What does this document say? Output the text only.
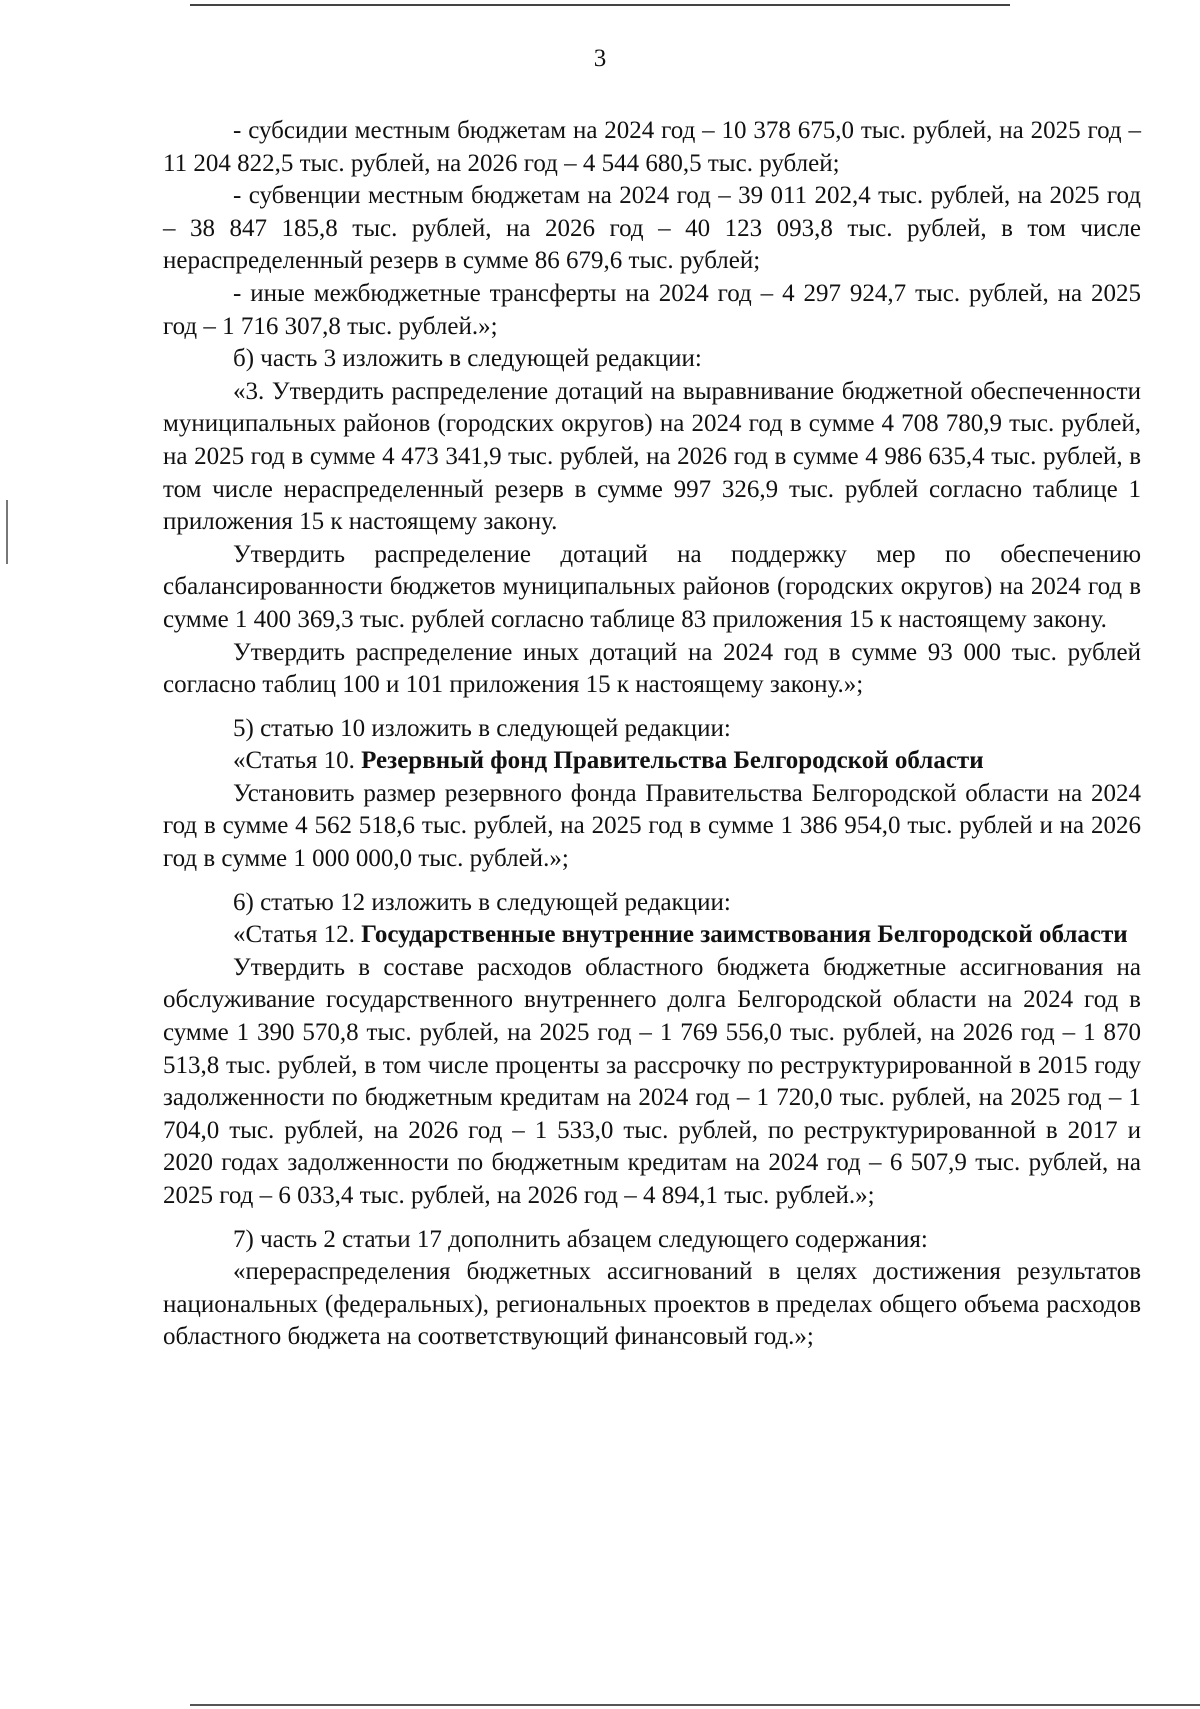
3

- субсидии местным бюджетам на 2024 год – 10 378 675,0 тыс. рублей, на 2025 год – 11 204 822,5 тыс. рублей, на 2026 год – 4 544 680,5 тыс. рублей;

- субвенции местным бюджетам на 2024 год – 39 011 202,4 тыс. рублей, на 2025 год – 38 847 185,8 тыс. рублей, на 2026 год – 40 123 093,8 тыс. рублей, в том числе нераспределенный резерв в сумме 86 679,6 тыс. рублей;

- иные межбюджетные трансферты на 2024 год – 4 297 924,7 тыс. рублей, на 2025 год – 1 716 307,8 тыс. рублей.»;

б) часть 3 изложить в следующей редакции:

«3. Утвердить распределение дотаций на выравнивание бюджетной обеспеченности муниципальных районов (городских округов) на 2024 год в сумме 4 708 780,9 тыс. рублей, на 2025 год в сумме 4 473 341,9 тыс. рублей, на 2026 год в сумме 4 986 635,4 тыс. рублей, в том числе нераспределенный резерв в сумме 997 326,9 тыс. рублей согласно таблице 1 приложения 15 к настоящему закону.

Утвердить распределение дотаций на поддержку мер по обеспечению сбалансированности бюджетов муниципальных районов (городских округов) на 2024 год в сумме 1 400 369,3 тыс. рублей согласно таблице 83 приложения 15 к настоящему закону.

Утвердить распределение иных дотаций на 2024 год в сумме 93 000 тыс. рублей согласно таблиц 100 и 101 приложения 15 к настоящему закону.»;

5) статью 10 изложить в следующей редакции:

«Статья 10. Резервный фонд Правительства Белгородской области

Установить размер резервного фонда Правительства Белгородской области на 2024 год в сумме 4 562 518,6 тыс. рублей, на 2025 год в сумме 1 386 954,0 тыс. рублей и на 2026 год в сумме 1 000 000,0 тыс. рублей.»;

6) статью 12 изложить в следующей редакции:

«Статья 12. Государственные внутренние заимствования Белгородской области

Утвердить в составе расходов областного бюджета бюджетные ассигнования на обслуживание государственного внутреннего долга Белгородской области на 2024 год в сумме 1 390 570,8 тыс. рублей, на 2025 год – 1 769 556,0 тыс. рублей, на 2026 год – 1 870 513,8 тыс. рублей, в том числе проценты за рассрочку по реструктурированной в 2015 году задолженности по бюджетным кредитам на 2024 год – 1 720,0 тыс. рублей, на 2025 год – 1 704,0 тыс. рублей, на 2026 год – 1 533,0 тыс. рублей, по реструктурированной в 2017 и 2020 годах задолженности по бюджетным кредитам на 2024 год – 6 507,9 тыс. рублей, на 2025 год – 6 033,4 тыс. рублей, на 2026 год – 4 894,1 тыс. рублей.»;

7) часть 2 статьи 17 дополнить абзацем следующего содержания:

«перераспределения бюджетных ассигнований в целях достижения результатов национальных (федеральных), региональных проектов в пределах общего объема расходов областного бюджета на соответствующий финансовый год.»;
